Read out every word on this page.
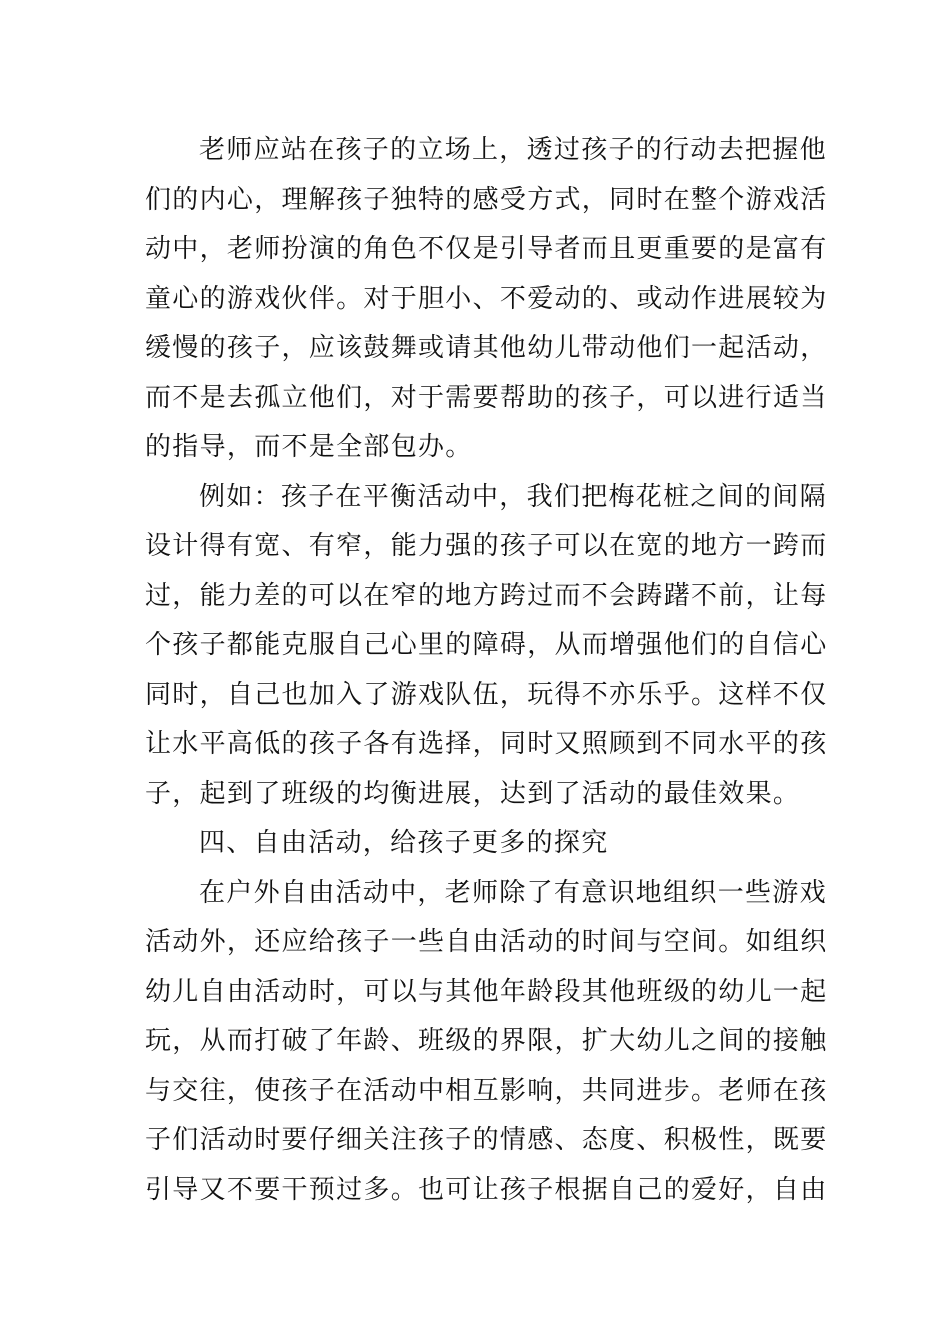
老师应站在孩子的立场上，透过孩子的行动去把握他
们的内心，理解孩子独特的感受方式，同时在整个游戏活
动中，老师扮演的角色不仅是引导者而且更重要的是富有
童心的游戏伙伴。对于胆小、不爱动的、或动作进展较为
缓慢的孩子，应该鼓舞或请其他幼儿带动他们一起活动，
而不是去孤立他们，对于需要帮助的孩子，可以进行适当
的指导，而不是全部包办。
例如：孩子在平衡活动中，我们把梅花桩之间的间隔
设计得有宽、有窄，能力强的孩子可以在宽的地方一跨而
过，能力差的可以在窄的地方跨过而不会踌躇不前，让每
个孩子都能克服自己心里的障碍，从而增强他们的自信心
同时，自己也加入了游戏队伍，玩得不亦乐乎。这样不仅
让水平高低的孩子各有选择，同时又照顾到不同水平的孩
子，起到了班级的均衡进展，达到了活动的最佳效果。
四、自由活动，给孩子更多的探究
在户外自由活动中，老师除了有意识地组织一些游戏
活动外，还应给孩子一些自由活动的时间与空间。如组织
幼儿自由活动时，可以与其他年龄段其他班级的幼儿一起
玩，从而打破了年龄、班级的界限，扩大幼儿之间的接触
与交往，使孩子在活动中相互影响，共同进步。老师在孩
子们活动时要仔细关注孩子的情感、态度、积极性，既要
引导又不要干预过多。也可让孩子根据自己的爱好，自由
